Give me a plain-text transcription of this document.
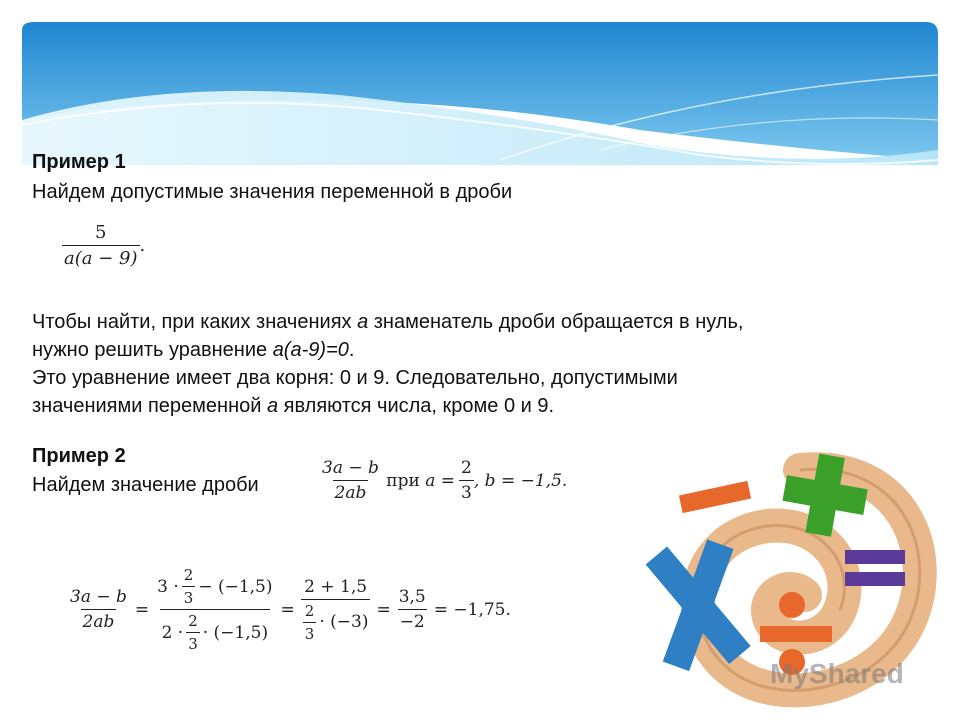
Пример 1
Найдем допустимые значения переменной в дроби
$\frac{5}{a(a - 9)}$ .
Чтобы найти, при каких значениях a знаменатель дроби обращается в нуль,
нужно решить уравнение a(a-9)=0.
Это уравнение имеет два корня: 0 и 9. Следовательно, допустимыми
значениями переменной a являются числа, кроме 0 и 9.
Пример 2
Найдем значение дроби	$\frac{3a - b}{2ab}$ при $a = \frac{2}{3}$ , b = −1,5.
$\frac{3a - b}{2ab}$ =
$3 \cdot \frac{2}{3} - (-1,5)$
$2 \cdot \frac{2}{3} \cdot (-1,5)$
= $\frac{2 + 1,5}{\frac{2}{3} \cdot (-3)} = \frac{3,5}{-2} = -1,75$.
MyShared
